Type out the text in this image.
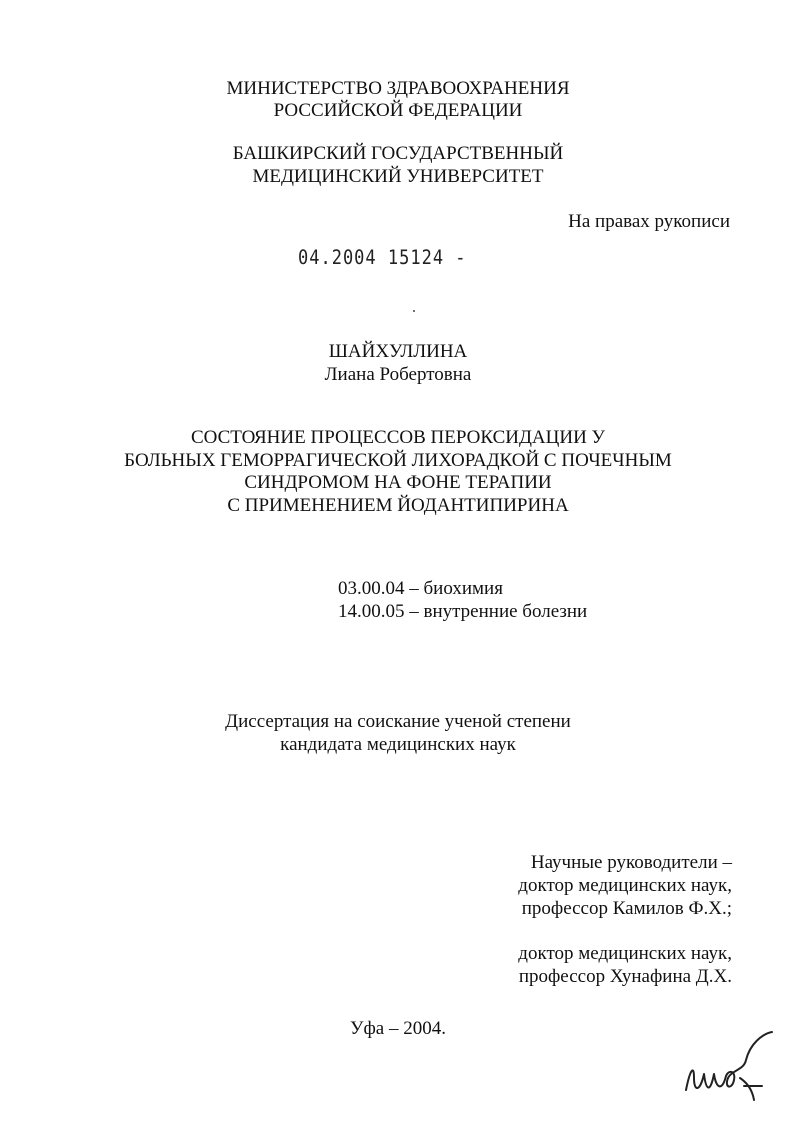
МИНИСТЕРСТВО ЗДРАВООХРАНЕНИЯ
РОССИЙСКОЙ ФЕДЕРАЦИИ
БАШКИРСКИЙ ГОСУДАРСТВЕННЫЙ
МЕДИЦИНСКИЙ УНИВЕРСИТЕТ
На правах рукописи
04.2004 15124 -
ШАЙХУЛЛИНА
Лиана Робертовна
СОСТОЯНИЕ ПРОЦЕССОВ ПЕРОКСИДАЦИИ У
БОЛЬНЫХ ГЕМОРРАГИЧЕСКОЙ ЛИХОРАДКОЙ С ПОЧЕЧНЫМ
СИНДРОМОМ НА ФОНЕ ТЕРАПИИ
С ПРИМЕНЕНИЕМ ЙОДАНТИПИРИНА
03.00.04 – биохимия
14.00.05 – внутренние болезни
Диссертация на соискание ученой степени
кандидата медицинских наук
Научные руководители –
доктор медицинских наук,
профессор Камилов Ф.Х.;
доктор медицинских наук,
профессор Хунафина Д.Х.
Уфа – 2004.
